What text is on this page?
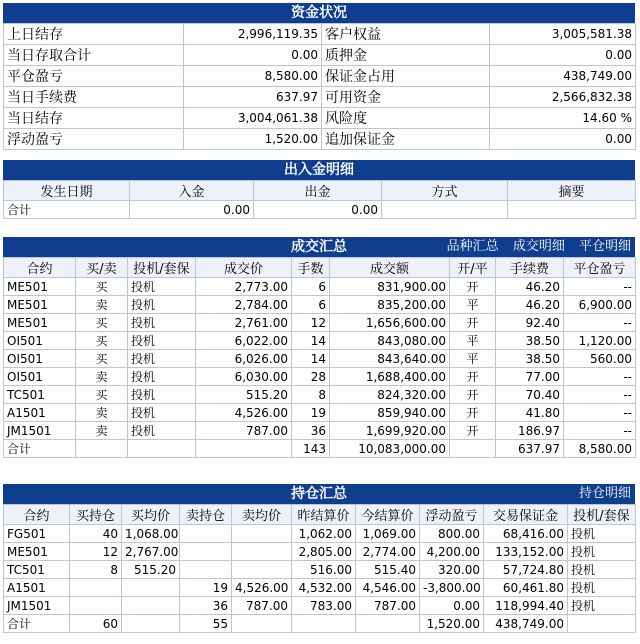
资金状况
上日结存	2,996,119.35	客户权益	3,005,581.38
当日存取合计	0.00	质押金	0.00
平仓盈亏	8,580.00	保证金占用	438,749.00
当日手续费	637.97	可用资金	2,566,832.38
当日结存	3,004,061.38	风险度	14.60 %
浮动盈亏	1,520.00	追加保证金	0.00
出入金明细
发生日期	入金	出金	方式	摘要
合计	0.00	0.00		
成交汇总	品种汇总 成交明细 平仓明细
合约	买/卖	投机/套保	成交价	手数	成交额	开/平	手续费	平仓盈亏
ME501	买	投机	2,773.00	6	831,900.00	开	46.20	--
ME501	卖	投机	2,784.00	6	835,200.00	平	46.20	6,900.00
ME501	买	投机	2,761.00	12	1,656,600.00	开	92.40	--
OI501	买	投机	6,022.00	14	843,080.00	平	38.50	1,120.00
OI501	买	投机	6,026.00	14	843,640.00	平	38.50	560.00
OI501	卖	投机	6,030.00	28	1,688,400.00	开	77.00	--
TC501	买	投机	515.20	8	824,320.00	开	70.40	--
A1501	卖	投机	4,526.00	19	859,940.00	开	41.80	--
JM1501	卖	投机	787.00	36	1,699,920.00	开	186.97	--
合计				143	10,083,000.00		637.97	8,580.00
持仓汇总	持仓明细
合约	买持仓	买均价	卖持仓	卖均价	昨结算价	今结算价	浮动盈亏	交易保证金	投机/套保
FG501	40	1,068.00			1,062.00	1,069.00	800.00	68,416.00	投机
ME501	12	2,767.00			2,805.00	2,774.00	4,200.00	133,152.00	投机
TC501	8	515.20			516.00	515.40	320.00	57,724.80	投机
A1501			19	4,526.00	4,532.00	4,546.00	-3,800.00	60,461.80	投机
JM1501			36	787.00	783.00	787.00	0.00	118,994.40	投机
合计	60		55				1,520.00	438,749.00	
